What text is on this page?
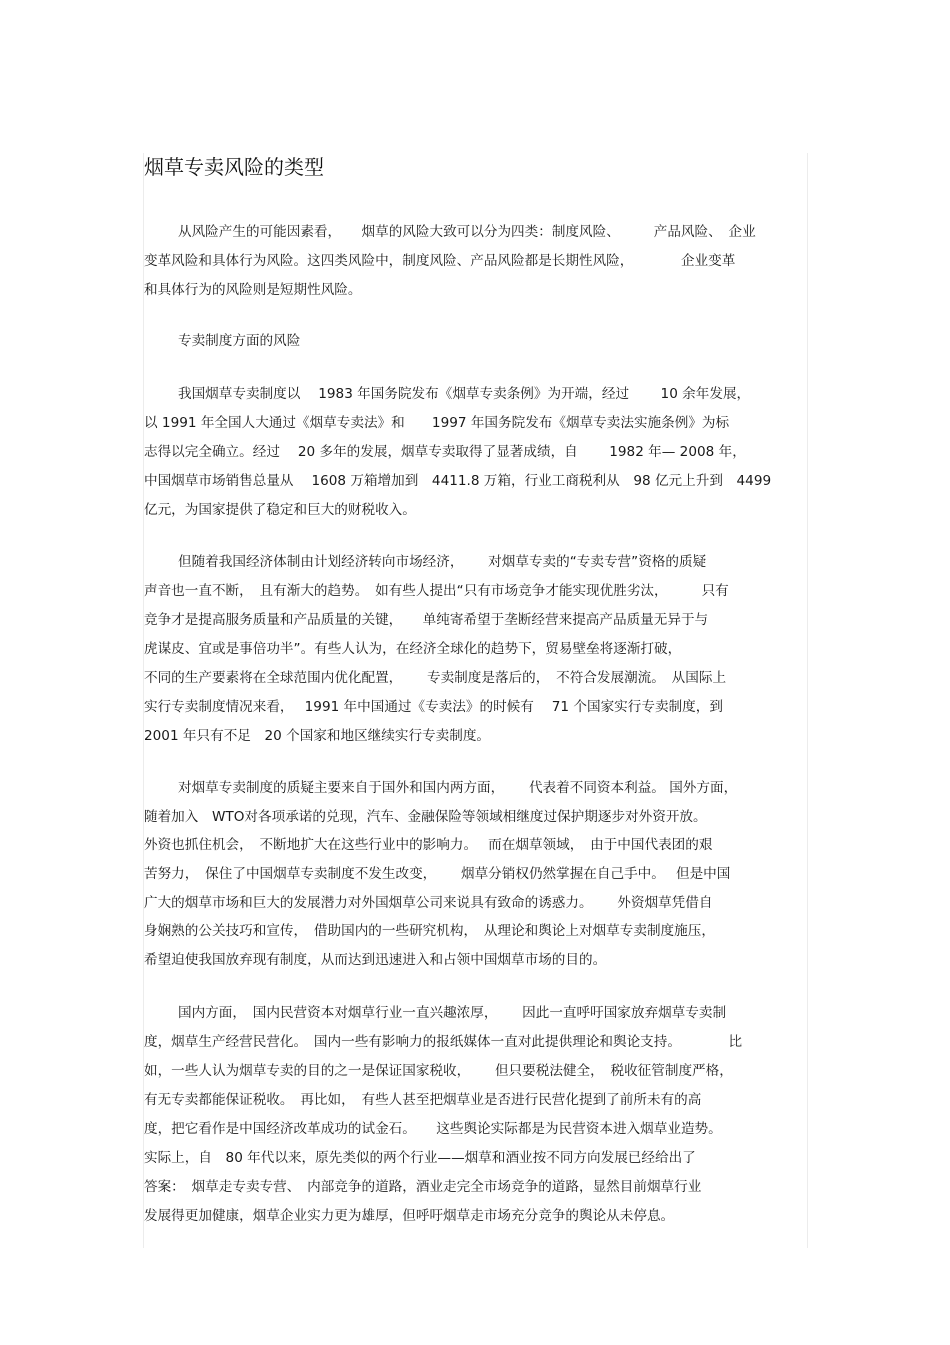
烟草专卖风险的类型
从风险产生的可能因素看，　　烟草的风险大致可以分为四类：制度风险、　　　产品风险、　企业
变革风险和具体行为风险。这四类风险中，制度风险、产品风险都是长期性风险，　　　　企业变革
和具体行为的风险则是短期性风险。
专卖制度方面的风险
我国烟草专卖制度以　 1983 年国务院发布《烟草专卖条例》为开端，经过　　 10 余年发展，
以 1991 年全国人大通过《烟草专卖法》和　　1997 年国务院发布《烟草专卖法实施条例》为标
志得以完全确立。经过　 20 多年的发展，烟草专卖取得了显著成绩，自　　 1982 年— 2008 年，
中国烟草市场销售总量从　 1608 万箱增加到　4411.8 万箱，行业工商税利从　98 亿元上升到　4499
亿元，为国家提供了稳定和巨大的财税收入。
但随着我国经济体制由计划经济转向市场经济，　　 对烟草专卖的“专卖专营”资格的质疑
声音也一直不断，　且有渐大的趋势。　如有些人提出“只有市场竞争才能实现优胜劣汰，　　　只有
竞争才是提高服务质量和产品质量的关键，　　单纯寄希望于垄断经营来提高产品质量无异于与
虎谋皮、宜或是事倍功半”。有些人认为，在经济全球化的趋势下，贸易壁垒将逐渐打破，
不同的生产要素将在全球范围内优化配置，　　 专卖制度是落后的，　不符合发展潮流。　从国际上
实行专卖制度情况来看，　 1991 年中国通过《专卖法》的时候有　 71 个国家实行专卖制度，到
2001 年只有不足　20 个国家和地区继续实行专卖制度。
对烟草专卖制度的质疑主要来自于国外和国内两方面，　　 代表着不同资本利益。 国外方面，
随着加入　WTO对各项承诺的兑现，汽车、金融保险等领域相继度过保护期逐步对外资开放。
外资也抓住机会，　不断地扩大在这些行业中的影响力。　 而在烟草领域，　由于中国代表团的艰
苦努力，　保住了中国烟草专卖制度不发生改变，　　 烟草分销权仍然掌握在自己手中。　 但是中国
广大的烟草市场和巨大的发展潜力对外国烟草公司来说具有致命的诱惑力。　　 外资烟草凭借自
身娴熟的公关技巧和宣传，　借助国内的一些研究机构，　从理论和舆论上对烟草专卖制度施压，
希望迫使我国放弃现有制度，从而达到迅速进入和占领中国烟草市场的目的。
国内方面，　国内民营资本对烟草行业一直兴趣浓厚，　　 因此一直呼吁国家放弃烟草专卖制
度，烟草生产经营民营化。　国内一些有影响力的报纸媒体一直对此提供理论和舆论支持。　　　　比
如，一些人认为烟草专卖的目的之一是保证国家税收，　　 但只要税法健全，　税收征管制度严格，
有无专卖都能保证税收。　再比如，　有些人甚至把烟草业是否进行民营化提到了前所未有的高
度，把它看作是中国经济改革成功的试金石。　　这些舆论实际都是为民营资本进入烟草业造势。
实际上，自　80 年代以来，原先类似的两个行业——烟草和酒业按不同方向发展已经给出了
答案：　烟草走专卖专营、　内部竞争的道路，酒业走完全市场竞争的道路，显然目前烟草行业
发展得更加健康，烟草企业实力更为雄厚，但呼吁烟草走市场充分竞争的舆论从未停息。
